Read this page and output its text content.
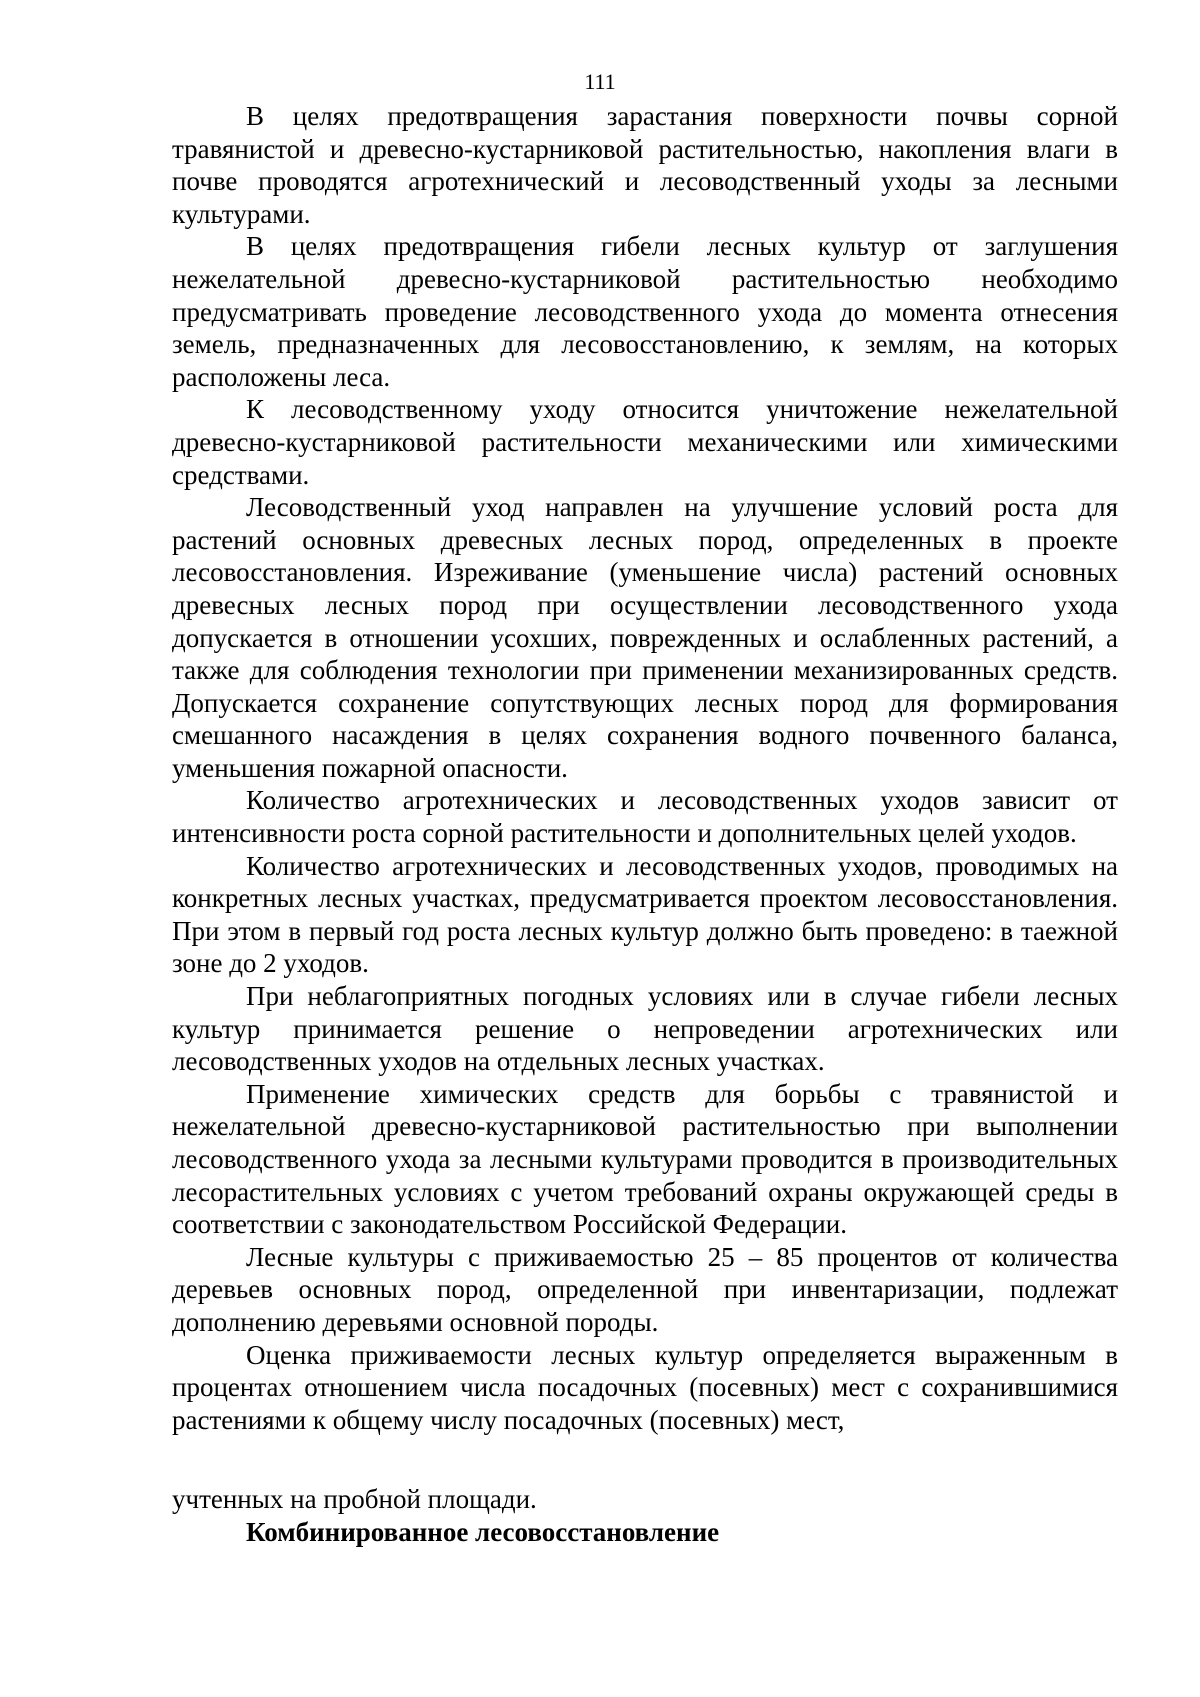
111

В целях предотвращения зарастания поверхности почвы сорной травянистой и древесно-кустарниковой растительностью, накопления влаги в почве проводятся агротехнический и лесоводственный уходы за лесными культурами.

В целях предотвращения гибели лесных культур от заглушения нежелательной древесно-кустарниковой растительностью необходимо предусматривать проведение лесоводственного ухода до момента отнесения земель, предназначенных для лесовосстановлению, к землям, на которых расположены леса.

К лесоводственному уходу относится уничтожение нежелательной древесно-кустарниковой растительности механическими или химическими средствами.

Лесоводственный уход направлен на улучшение условий роста для растений основных древесных лесных пород, определенных в проекте лесовосстановления. Изреживание (уменьшение числа) растений основных древесных лесных пород при осуществлении лесоводственного ухода допускается в отношении усохших, поврежденных и ослабленных растений, а также для соблюдения технологии при применении механизированных средств. Допускается сохранение сопутствующих лесных пород для формирования смешанного насаждения в целях сохранения водного почвенного баланса, уменьшения пожарной опасности.

Количество агротехнических и лесоводственных уходов зависит от интенсивности роста сорной растительности и дополнительных целей уходов.

Количество агротехнических и лесоводственных уходов, проводимых на конкретных лесных участках, предусматривается проектом лесовосстановления. При этом в первый год роста лесных культур должно быть проведено: в таежной зоне до 2 уходов.

При неблагоприятных погодных условиях или в случае гибели лесных культур принимается решение о непроведении агротехнических или лесоводственных уходов на отдельных лесных участках.

Применение химических средств для борьбы с травянистой и нежелательной древесно-кустарниковой растительностью при выполнении лесоводственного ухода за лесными культурами проводится в производительных лесорастительных условиях с учетом требований охраны окружающей среды в соответствии с законодательством Российской Федерации.

Лесные культуры с приживаемостью 25 – 85 процентов от количества деревьев основных пород, определенной при инвентаризации, подлежат дополнению деревьями основной породы.

Оценка приживаемости лесных культур определяется выраженным в процентах отношением числа посадочных (посевных) мест с сохранившимися растениями к общему числу посадочных (посевных) мест,

учтенных на пробной площади.

Комбинированное лесовосстановление
